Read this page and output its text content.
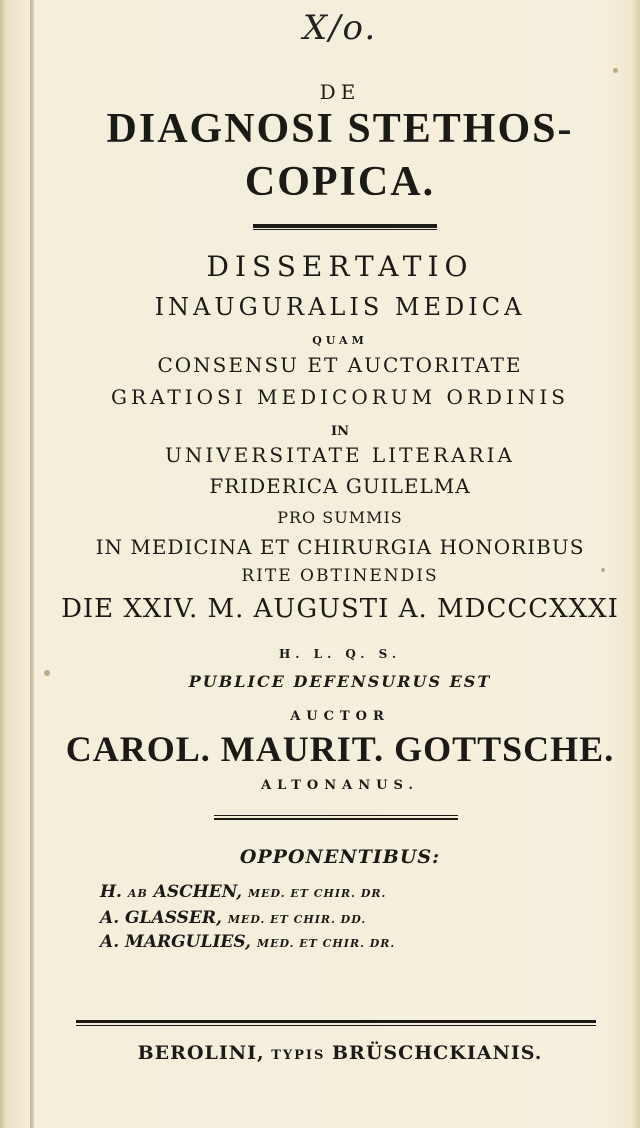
X/o.
DE
DIAGNOSI STETHOS-
COPICA.
DISSERTATIO
INAUGURALIS MEDICA
QUAM
CONSENSU ET AUCTORITATE
GRATIOSI MEDICORUM ORDINIS
IN
UNIVERSITATE LITERARIA
FRIDERICA GUILELMA
PRO SUMMIS
IN MEDICINA ET CHIRURGIA HONORIBUS
RITE OBTINENDIS
DIE XXIV. M. AUGUSTI A. MDCCCXXXI
H. L. Q. S.
PUBLICE DEFENSURUS EST
AUCTOR
CAROL. MAURIT. GOTTSCHE.
ALTONANUS.
OPPONENTIBUS:
H. AB ASCHEN, MED. ET CHIR. DR.
A. GLASSER, MED. ET CHIR. DD.
A. MARGULIES, MED. ET CHIR. DR.
BEROLINI, TYPIS BRÜSCHCKIANIS.
